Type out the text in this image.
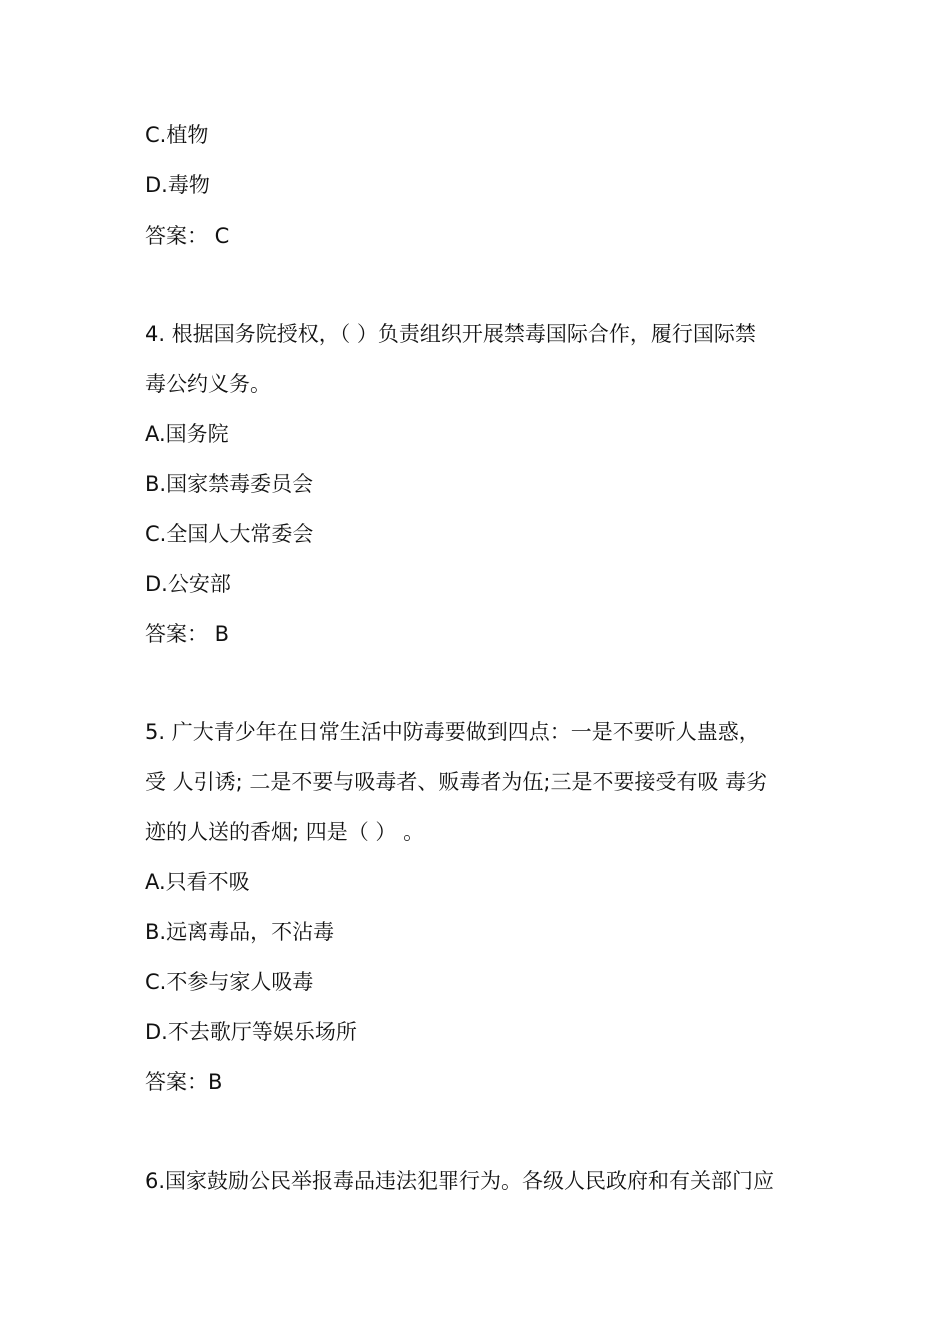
C.植物
D.毒物
答案： C
4. 根据国务院授权，（ ）负责组织开展禁毒国际合作，履行国际禁
毒公约义务。
A.国务院
B.国家禁毒委员会
C.全国人大常委会
D.公安部
答案： B
5. 广大青少年在日常生活中防毒要做到四点：一是不要听人蛊惑，
受 人引诱; 二是不要与吸毒者、贩毒者为伍;三是不要接受有吸 毒劣
迹的人送的香烟; 四是（ ） 。
A.只看不吸
B.远离毒品，不沾毒
C.不参与家人吸毒
D.不去歌厅等娱乐场所
答案：B
6.国家鼓励公民举报毒品违法犯罪行为。各级人民政府和有关部门应
